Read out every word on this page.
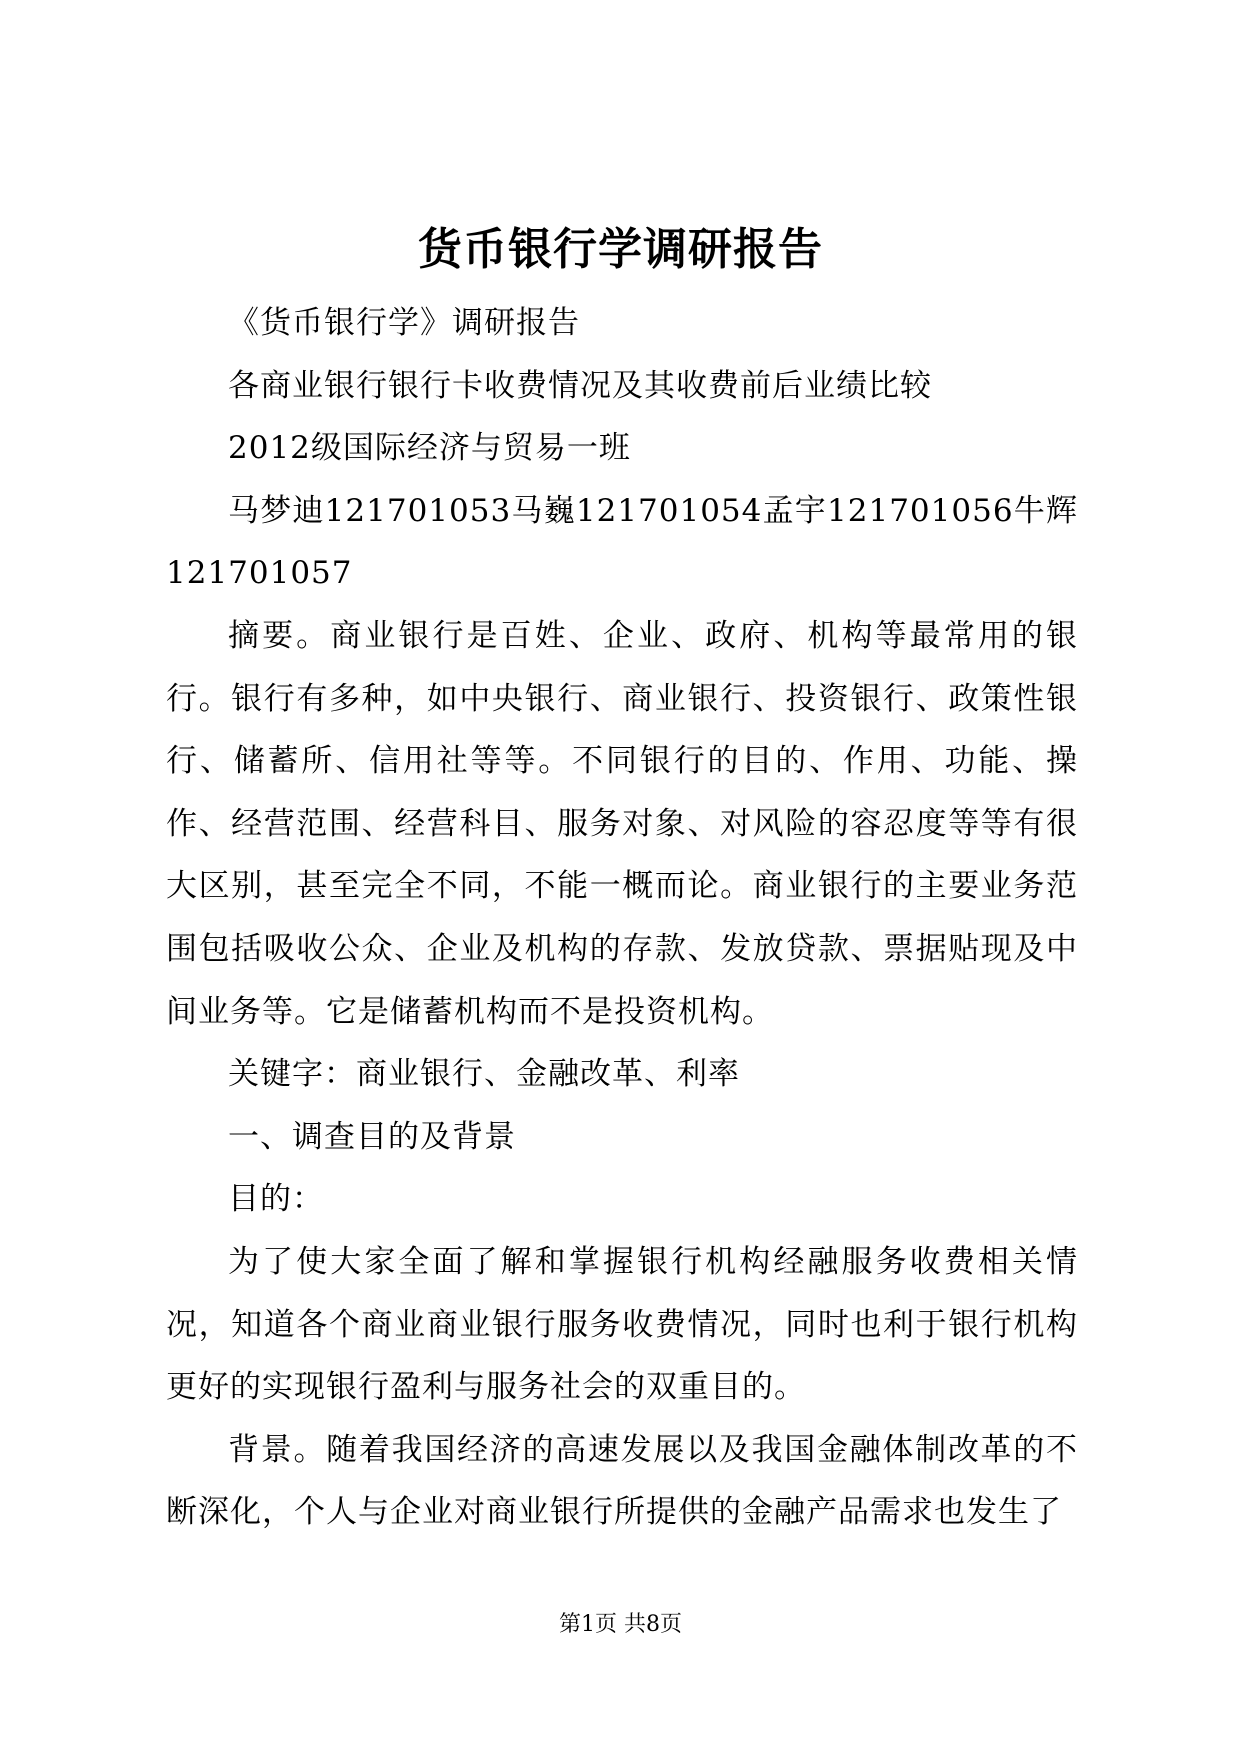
货币银行学调研报告

《货币银行学》调研报告

各商业银行银行卡收费情况及其收费前后业绩比较

2012级国际经济与贸易一班

马梦迪121701053马巍121701054孟宇121701056牛辉121701057

摘要。商业银行是百姓、企业、政府、机构等最常用的银行。银行有多种，如中央银行、商业银行、投资银行、政策性银行、储蓄所、信用社等等。不同银行的目的、作用、功能、操作、经营范围、经营科目、服务对象、对风险的容忍度等等有很大区别，甚至完全不同，不能一概而论。商业银行的主要业务范围包括吸收公众、企业及机构的存款、发放贷款、票据贴现及中间业务等。它是储蓄机构而不是投资机构。

关键字：商业银行、金融改革、利率

一、调查目的及背景

目的：

为了使大家全面了解和掌握银行机构经融服务收费相关情况，知道各个商业商业银行服务收费情况，同时也利于银行机构更好的实现银行盈利与服务社会的双重目的。

背景。随着我国经济的高速发展以及我国金融体制改革的不断深化，个人与企业对商业银行所提供的金融产品需求也发生了

第1页 共8页
